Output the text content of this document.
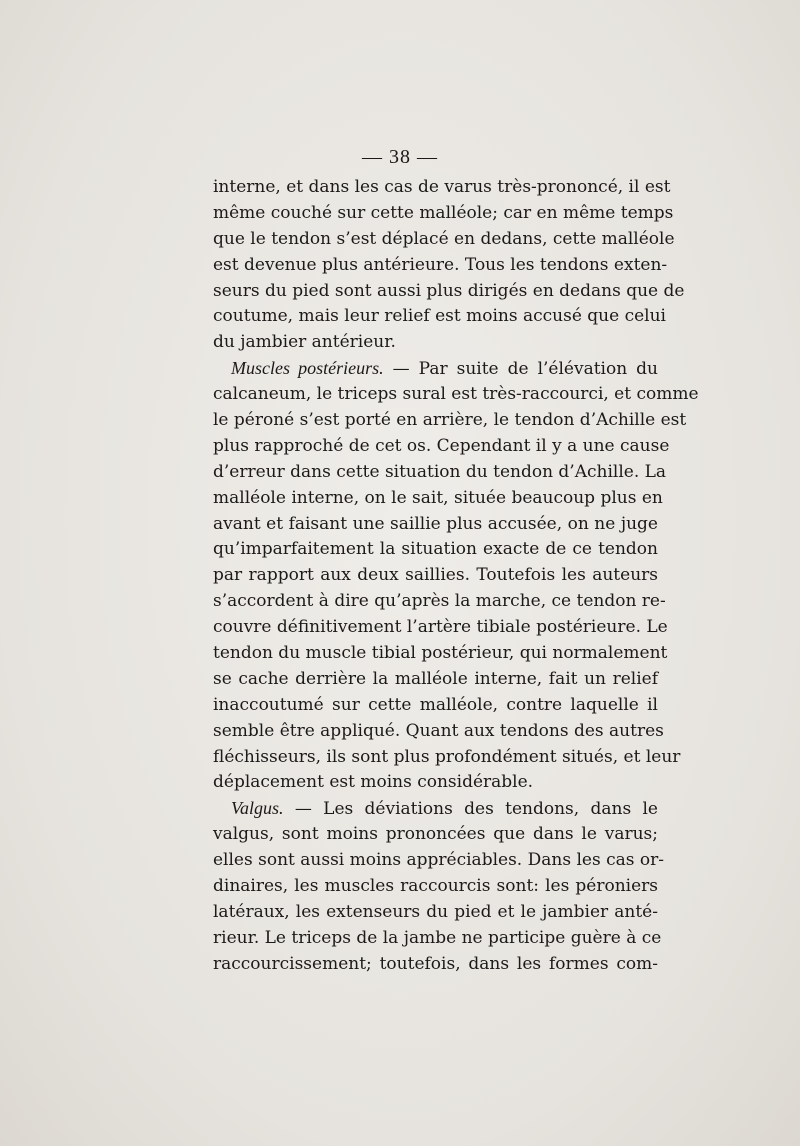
— 38 —
interne, et dans les cas de varus très-prononcé, il est
même couché sur cette malléole; car en même temps
que le tendon s’est déplacé en dedans, cette malléole
est devenue plus antérieure. Tous les tendons exten-
seurs du pied sont aussi plus dirigés en dedans que de
coutume, mais leur relief est moins accusé que celui
du jambier antérieur.
Muscles postérieurs. — Par suite de l’élévation du
calcaneum, le triceps sural est très-raccourci, et comme
le péroné s’est porté en arrière, le tendon d’Achille est
plus rapproché de cet os. Cependant il y a une cause
d’erreur dans cette situation du tendon d’Achille. La
malléole interne, on le sait, située beaucoup plus en
avant et faisant une saillie plus accusée, on ne juge
qu’imparfaitement la situation exacte de ce tendon
par rapport aux deux saillies. Toutefois les auteurs
s’accordent à dire qu’après la marche, ce tendon re-
couvre définitivement l’artère tibiale postérieure. Le
tendon du muscle tibial postérieur, qui normalement
se cache derrière la malléole interne, fait un relief
inaccoutumé sur cette malléole, contre laquelle il
semble être appliqué. Quant aux tendons des autres
fléchisseurs, ils sont plus profondément situés, et leur
déplacement est moins considérable.
Valgus. — Les déviations des tendons, dans le
valgus, sont moins prononcées que dans le varus;
elles sont aussi moins appréciables. Dans les cas or-
dinaires, les muscles raccourcis sont: les péroniers
latéraux, les extenseurs du pied et le jambier anté-
rieur. Le triceps de la jambe ne participe guère à ce
raccourcissement; toutefois, dans les formes com-
